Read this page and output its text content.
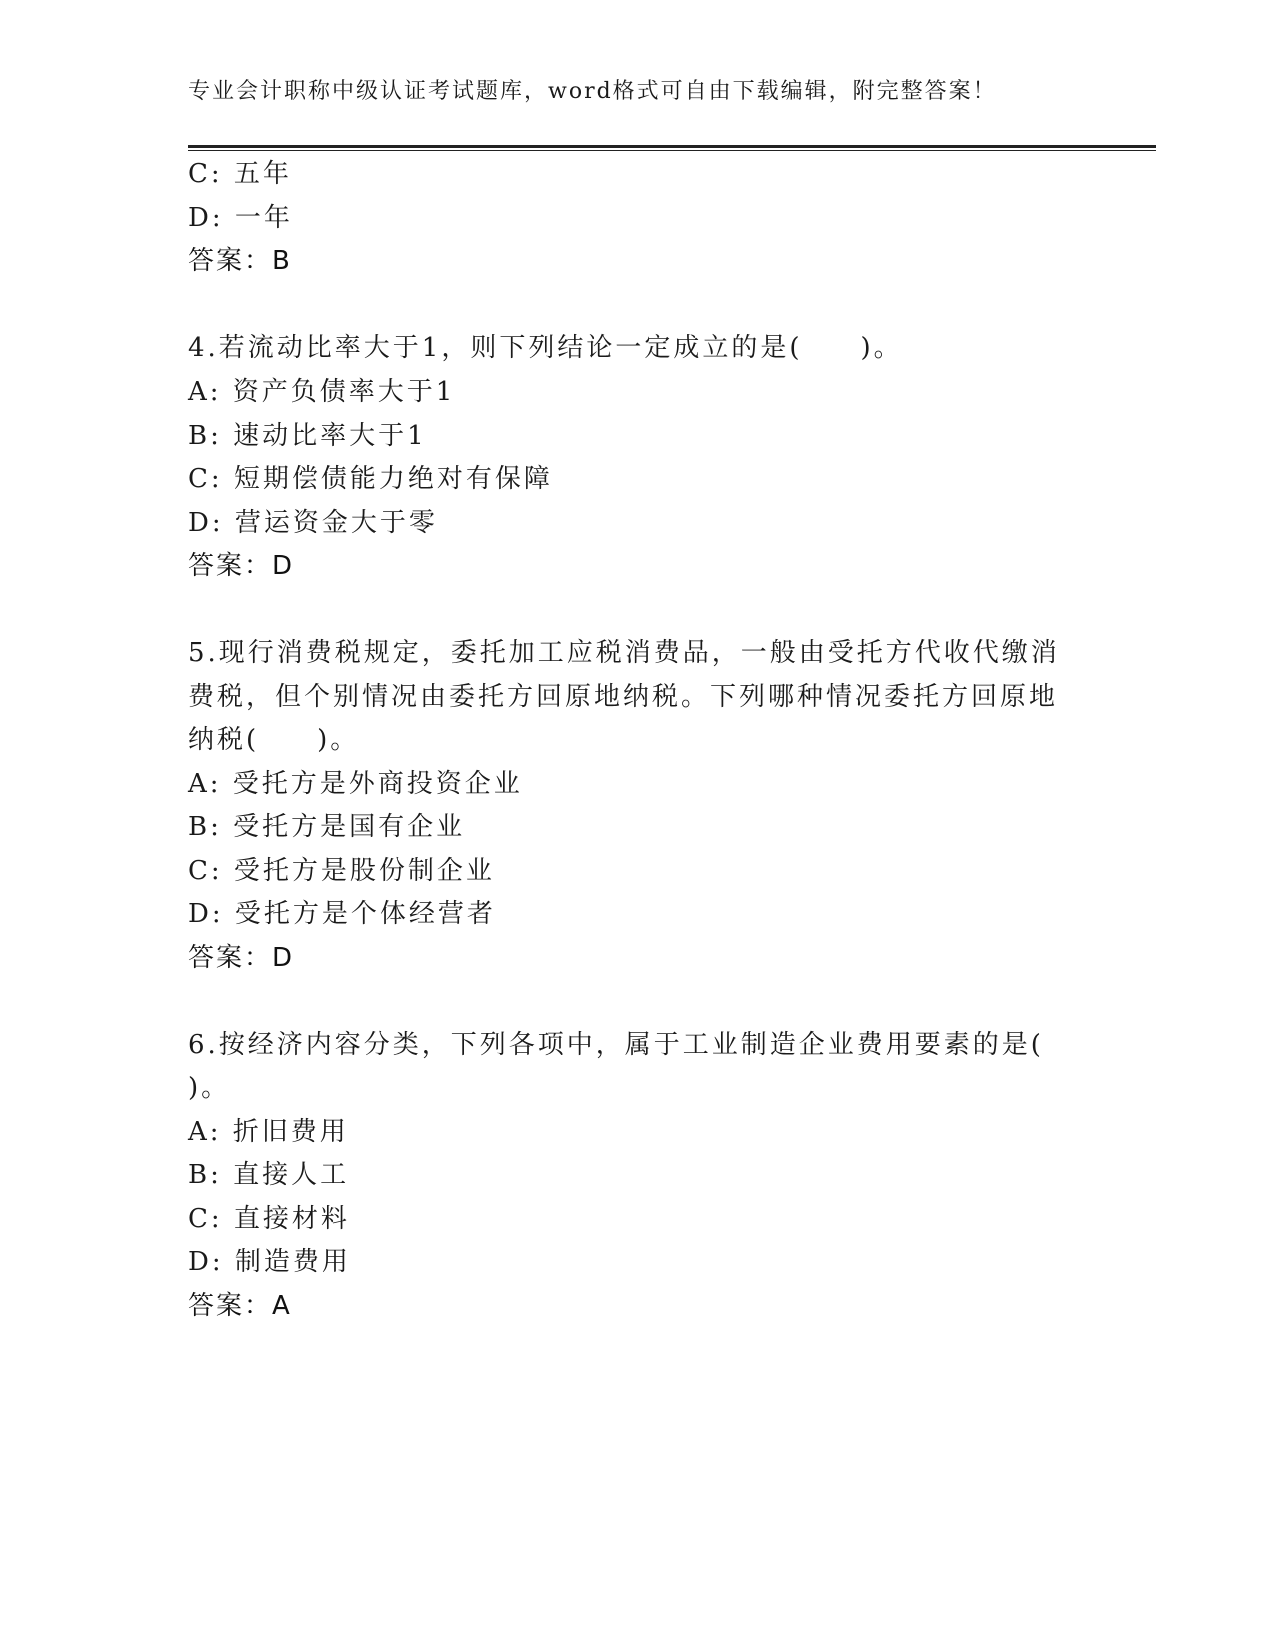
专业会计职称中级认证考试题库，word格式可自由下载编辑，附完整答案！
C: 五年
D: 一年
答案：B
4.若流动比率大于1，则下列结论一定成立的是(　　)。
A: 资产负债率大于1
B: 速动比率大于1
C: 短期偿债能力绝对有保障
D: 营运资金大于零
答案：D
5.现行消费税规定，委托加工应税消费品，一般由受托方代收代缴消
费税，但个别情况由委托方回原地纳税。下列哪种情况委托方回原地
纳税(　　)。
A: 受托方是外商投资企业
B: 受托方是国有企业
C: 受托方是股份制企业
D: 受托方是个体经营者
答案：D
6.按经济内容分类，下列各项中，属于工业制造企业费用要素的是(
)。
A: 折旧费用
B: 直接人工
C: 直接材料
D: 制造费用
答案：A
